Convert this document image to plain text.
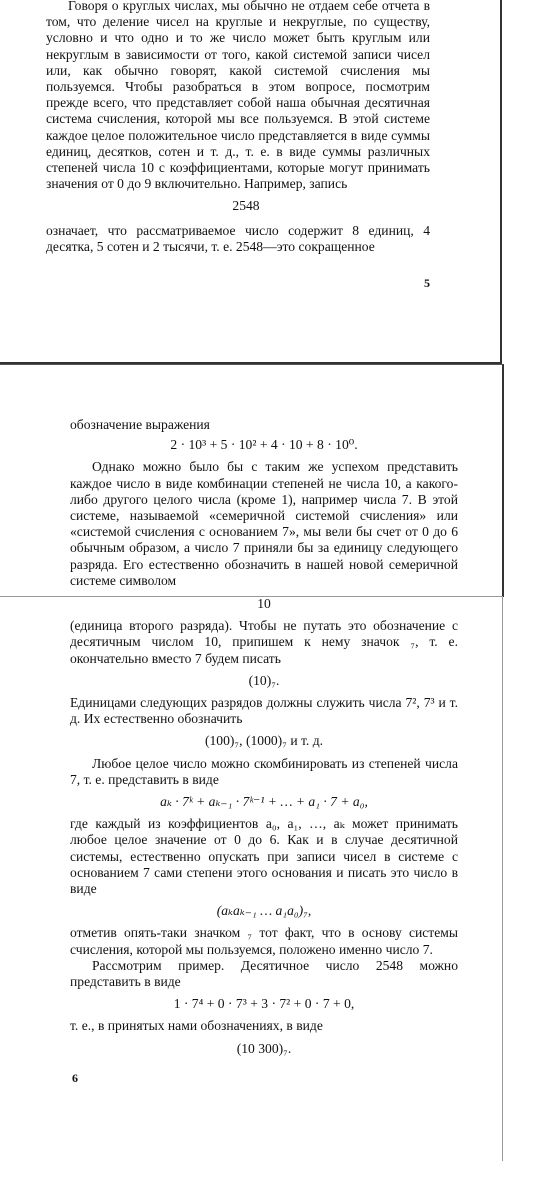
Говоря о круглых числах, мы обычно не отдаем себе отчета в том, что деление чисел на круглые и некруглые, по существу, условно и что одно и то же число может быть круглым или некруглым в зависимости от того, какой системой записи чисел или, как обычно говорят, какой системой счисления мы пользуемся. Чтобы разобраться в этом вопросе, посмотрим прежде всего, что представляет собой наша обычная десятичная система счисления, которой мы все пользуемся. В этой системе каждое целое положительное число представляется в виде суммы единиц, десятков, сотен и т. д., т. е. в виде суммы различных степеней числа 10 с коэффициентами, которые могут принимать значения от 0 до 9 включительно. Например, запись

2548

означает, что рассматриваемое число содержит 8 единиц, 4 десятка, 5 сотен и 2 тысячи, т. е. 2548—это сокращенное

5

обозначение выражения

2 · 10³ + 5 · 10² + 4 · 10 + 8 · 10⁰.

Однако можно было бы с таким же успехом представить каждое число в виде комбинации степеней не числа 10, а какого-либо другого целого числа (кроме 1), например числа 7. В этой системе, называемой «семеричной системой счисления» или «системой счисления с основанием 7», мы вели бы счет от 0 до 6 обычным образом, а число 7 приняли бы за единицу следующего разряда. Его естественно обозначить в нашей новой семеричной системе символом

10

(единица второго разряда). Чтобы не путать это обозначение с десятичным числом 10, припишем к нему значок ₇, т. е. окончательно вместо 7 будем писать

(10)₇.

Единицами следующих разрядов должны служить числа 7², 7³ и т. д. Их естественно обозначить

(100)₇, (1000)₇ и т. д.

Любое целое число можно скомбинировать из степеней числа 7, т. е. представить в виде

aₖ · 7ᵏ + aₖ₋₁ · 7ᵏ⁻¹ + … + a₁ · 7 + a₀,

где каждый из коэффициентов a₀, a₁, …, aₖ может принимать любое целое значение от 0 до 6. Как и в случае десятичной системы, естественно опускать при записи чисел в системе с основанием 7 сами степени этого основания и писать это число в виде

(aₖaₖ₋₁ … a₁a₀)₇,

отметив опять-таки значком ₇ тот факт, что в основу системы счисления, которой мы пользуемся, положено именно число 7.

Рассмотрим пример. Десятичное число 2548 можно представить в виде

1 · 7⁴ + 0 · 7³ + 3 · 7² + 0 · 7 + 0,

т. е., в принятых нами обозначениях, в виде

(10 300)₇.

6
